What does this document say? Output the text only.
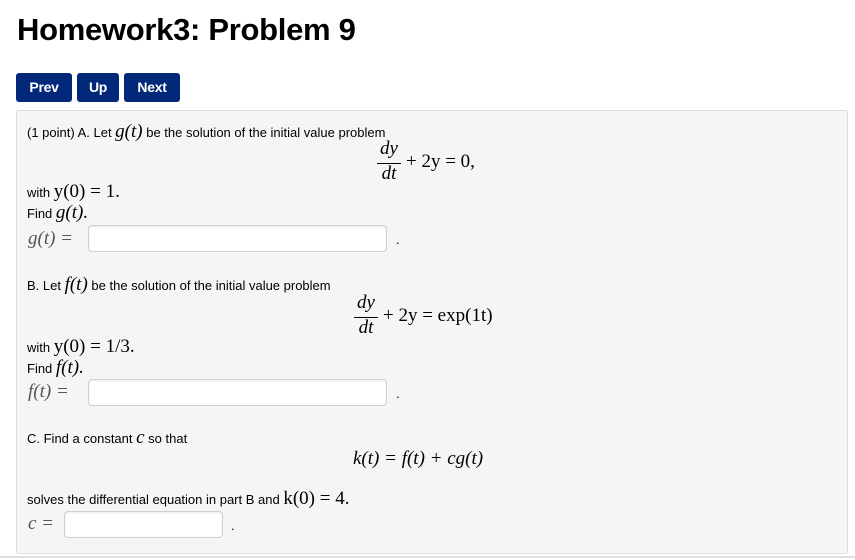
Homework3: Problem 9
Prev	Up	Next
(1 point) A. Let g(t) be the solution of the initial value problem
dy
dt
+ 2y = 0,
with y(0) = 1.
Find g(t).
g(t) =	.
B. Let f(t) be the solution of the initial value problem
dy
dt
+ 2y = exp(1t)
with y(0) = 1/3.
Find f(t).
f(t) =	.
C. Find a constant c so that
k(t) = f(t) + cg(t)
solves the differential equation in part B and k(0) = 4.
c =	.
